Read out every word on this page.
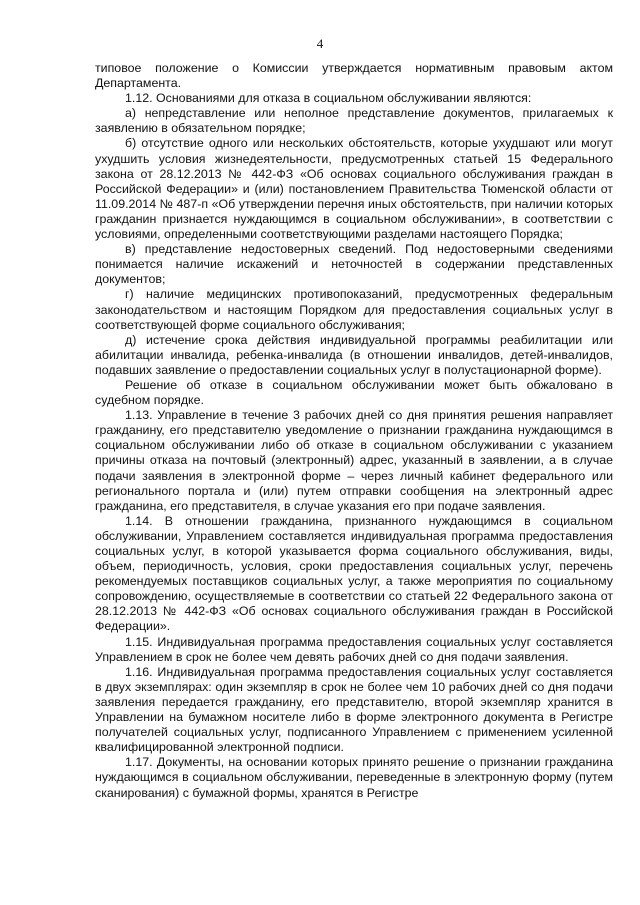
4

типовое положение о Комиссии утверждается нормативным правовым актом Департамента.

1.12. Основаниями для отказа в социальном обслуживании являются:

а) непредставление или неполное представление документов, прилагаемых к заявлению в обязательном порядке;

б) отсутствие одного или нескольких обстоятельств, которые ухудшают или могут ухудшить условия жизнедеятельности, предусмотренных статьей 15 Федерального закона от 28.12.2013 № 442-ФЗ «Об основах социального обслуживания граждан в Российской Федерации» и (или) постановлением Правительства Тюменской области от 11.09.2014 № 487-п «Об утверждении перечня иных обстоятельств, при наличии которых гражданин признается нуждающимся в социальном обслуживании», в соответствии с условиями, определенными соответствующими разделами настоящего Порядка;

в) представление недостоверных сведений. Под недостоверными сведениями понимается наличие искажений и неточностей в содержании представленных документов;

г) наличие медицинских противопоказаний, предусмотренных федеральным законодательством и настоящим Порядком для предоставления социальных услуг в соответствующей форме социального обслуживания;

д) истечение срока действия индивидуальной программы реабилитации или абилитации инвалида, ребенка-инвалида (в отношении инвалидов, детей-инвалидов, подавших заявление о предоставлении социальных услуг в полустационарной форме).

Решение об отказе в социальном обслуживании может быть обжаловано в судебном порядке.

1.13. Управление в течение 3 рабочих дней со дня принятия решения направляет гражданину, его представителю уведомление о признании гражданина нуждающимся в социальном обслуживании либо об отказе в социальном обслуживании с указанием причины отказа на почтовый (электронный) адрес, указанный в заявлении, а в случае подачи заявления в электронной форме – через личный кабинет федерального или регионального портала и (или) путем отправки сообщения на электронный адрес гражданина, его представителя, в случае указания его при подаче заявления.

1.14. В отношении гражданина, признанного нуждающимся в социальном обслуживании, Управлением составляется индивидуальная программа предоставления социальных услуг, в которой указывается форма социального обслуживания, виды, объем, периодичность, условия, сроки предоставления социальных услуг, перечень рекомендуемых поставщиков социальных услуг, а также мероприятия по социальному сопровождению, осуществляемые в соответствии со статьей 22 Федерального закона от 28.12.2013 № 442-ФЗ «Об основах социального обслуживания граждан в Российской Федерации».

1.15. Индивидуальная программа предоставления социальных услуг составляется Управлением в срок не более чем девять рабочих дней со дня подачи заявления.

1.16. Индивидуальная программа предоставления социальных услуг составляется в двух экземплярах: один экземпляр в срок не более чем 10 рабочих дней со дня подачи заявления передается гражданину, его представителю, второй экземпляр хранится в Управлении на бумажном носителе либо в форме электронного документа в Регистре получателей социальных услуг, подписанного Управлением с применением усиленной квалифицированной электронной подписи.

1.17. Документы, на основании которых принято решение о признании гражданина нуждающимся в социальном обслуживании, переведенные в электронную форму (путем сканирования) с бумажной формы, хранятся в Регистре
